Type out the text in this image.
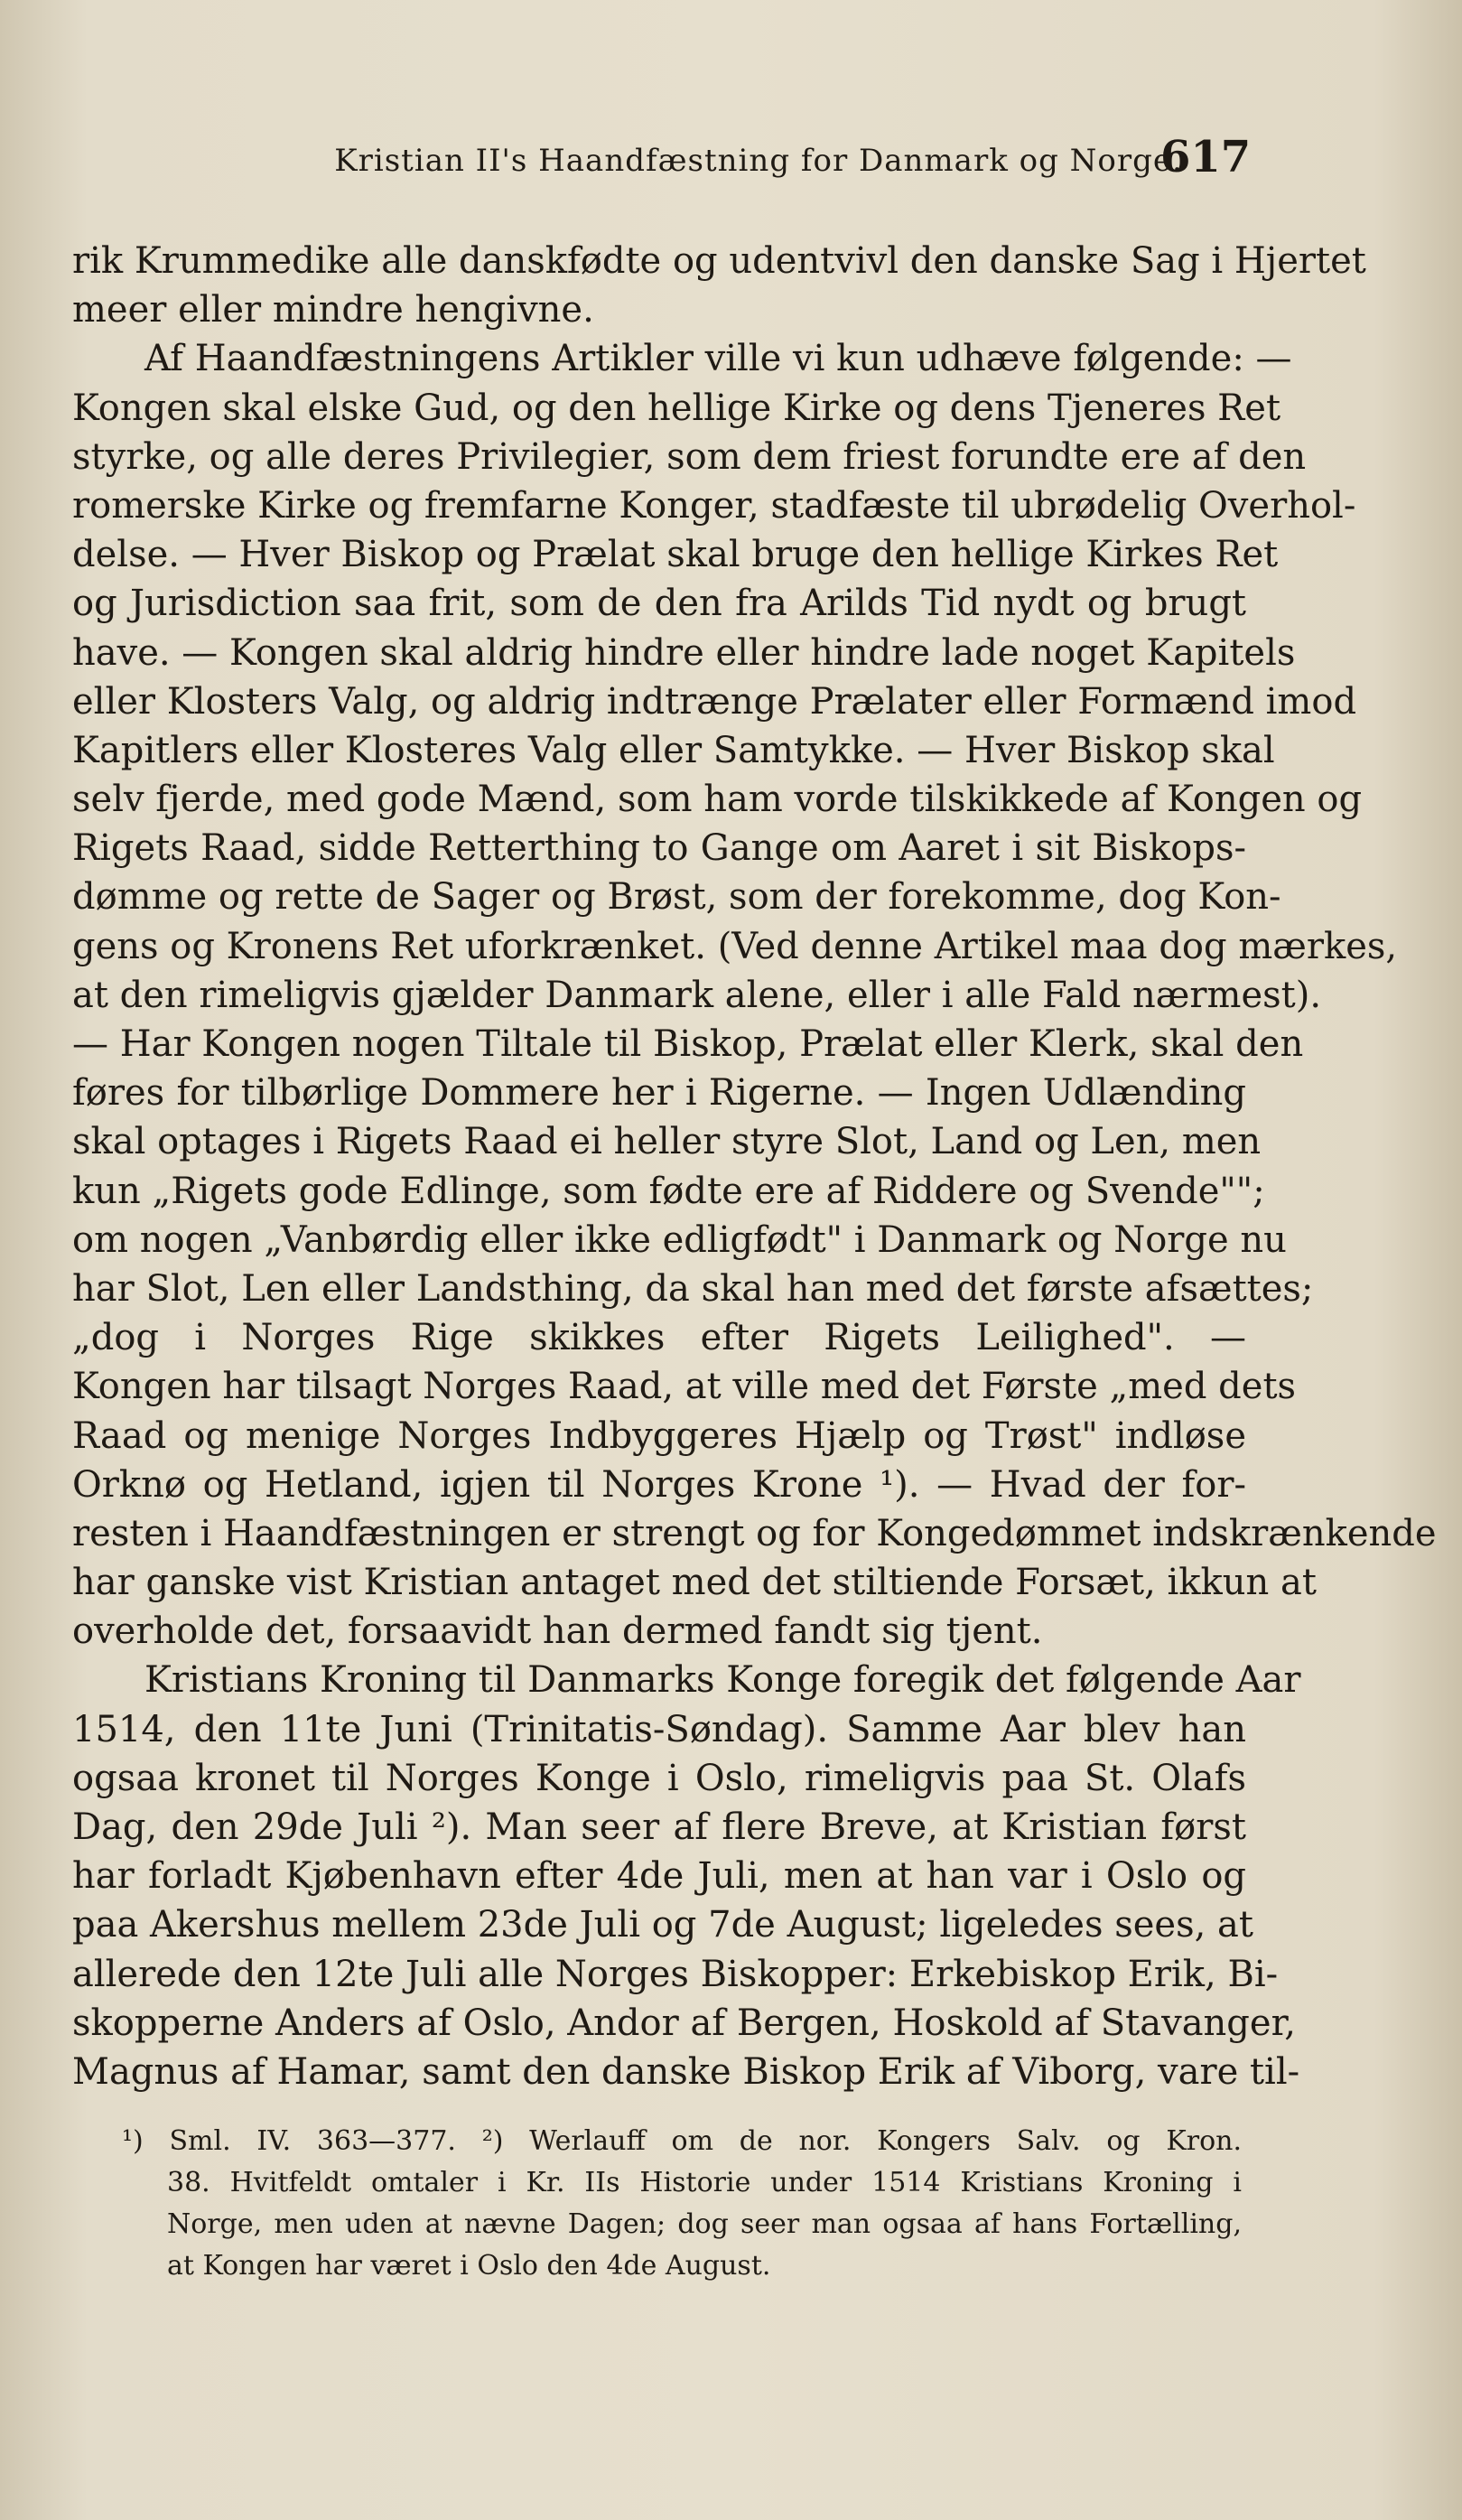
Kristian II's Haandfæstning for Danmark og Norge.
617
rik Krummedike alle danskfødte og udentvivl den danske Sag i Hjertet
meer eller mindre hengivne.
Af Haandfæstningens Artikler ville vi kun udhæve følgende: —
Kongen skal elske Gud, og den hellige Kirke og dens Tjeneres Ret
styrke, og alle deres Privilegier, som dem friest forundte ere af den
romerske Kirke og fremfarne Konger, stadfæste til ubrødelig Overhol-
delse. — Hver Biskop og Prælat skal bruge den hellige Kirkes Ret
og Jurisdiction saa frit, som de den fra Arilds Tid nydt og brugt
have. — Kongen skal aldrig hindre eller hindre lade noget Kapitels
eller Klosters Valg, og aldrig indtrænge Prælater eller Formænd imod
Kapitlers eller Klosteres Valg eller Samtykke. — Hver Biskop skal
selv fjerde, med gode Mænd, som ham vorde tilskikkede af Kongen og
Rigets Raad, sidde Retterthing to Gange om Aaret i sit Biskops-
dømme og rette de Sager og Brøst, som der forekomme, dog Kon-
gens og Kronens Ret uforkrænket. (Ved denne Artikel maa dog mærkes,
at den rimeligvis gjælder Danmark alene, eller i alle Fald nærmest).
— Har Kongen nogen Tiltale til Biskop, Prælat eller Klerk, skal den
føres for tilbørlige Dommere her i Rigerne. — Ingen Udlænding
skal optages i Rigets Raad ei heller styre Slot, Land og Len, men
kun „Rigets gode Edlinge, som fødte ere af Riddere og Svende"";
om nogen „Vanbørdig eller ikke edligfødt" i Danmark og Norge nu
har Slot, Len eller Landsthing, da skal han med det første afsættes;
„dog i Norges Rige skikkes efter Rigets Leilighed". —
Kongen har tilsagt Norges Raad, at ville med det Første „med dets
Raad og menige Norges Indbyggeres Hjælp og Trøst" indløse
Orknø og Hetland, igjen til Norges Krone ¹). — Hvad der for-
resten i Haandfæstningen er strengt og for Kongedømmet indskrænkende
har ganske vist Kristian antaget med det stiltiende Forsæt, ikkun at
overholde det, forsaavidt han dermed fandt sig tjent.
Kristians Kroning til Danmarks Konge foregik det følgende Aar
1514, den 11te Juni (Trinitatis-Søndag). Samme Aar blev han
ogsaa kronet til Norges Konge i Oslo, rimeligvis paa St. Olafs
Dag, den 29de Juli ²). Man seer af flere Breve, at Kristian først
har forladt Kjøbenhavn efter 4de Juli, men at han var i Oslo og
paa Akershus mellem 23de Juli og 7de August; ligeledes sees, at
allerede den 12te Juli alle Norges Biskopper: Erkebiskop Erik, Bi-
skopperne Anders af Oslo, Andor af Bergen, Hoskold af Stavanger,
Magnus af Hamar, samt den danske Biskop Erik af Viborg, vare til-
¹) Sml. IV. 363—377. ²) Werlauff om de nor. Kongers Salv. og Kron.
38. Hvitfeldt omtaler i Kr. IIs Historie under 1514 Kristians Kroning i
Norge, men uden at nævne Dagen; dog seer man ogsaa af hans Fortælling,
at Kongen har været i Oslo den 4de August.
